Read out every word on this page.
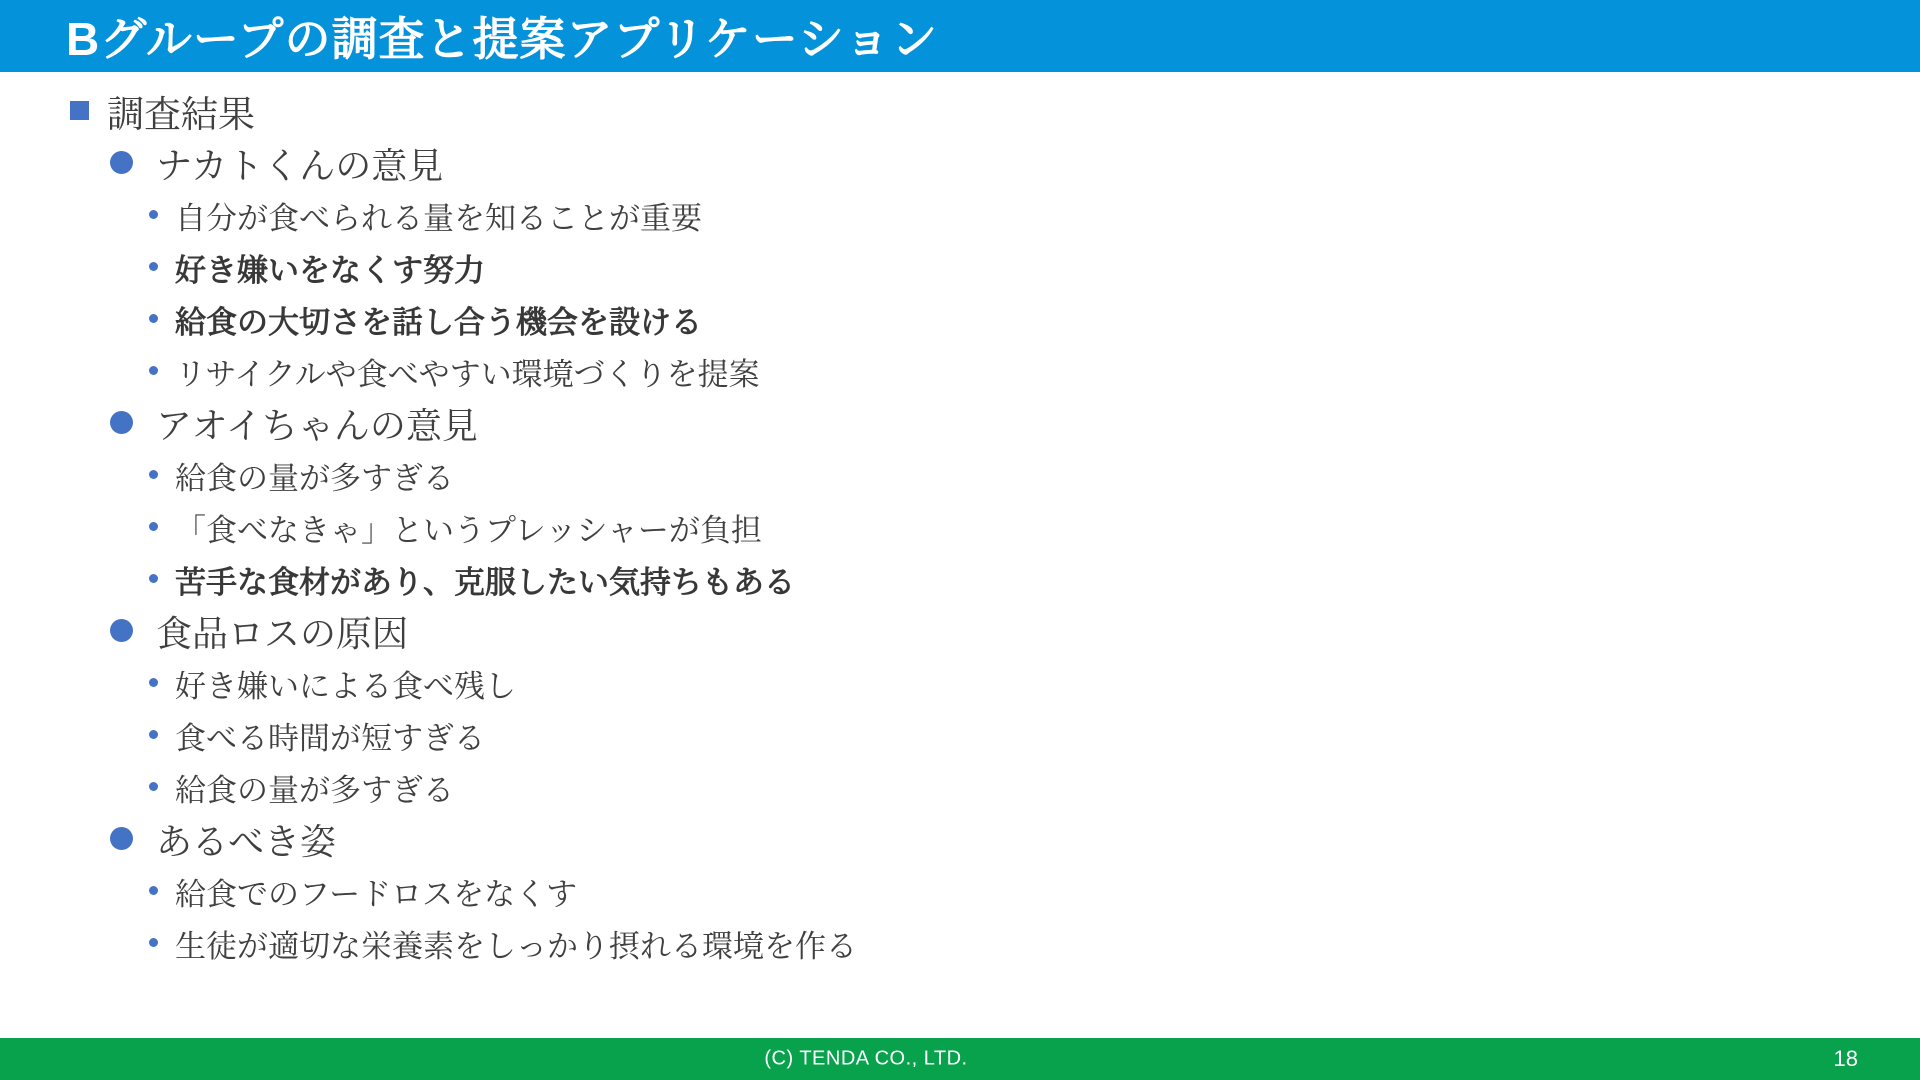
Bグループの調査と提案アプリケーション
調査結果
ナカトくんの意見
自分が食べられる量を知ることが重要
好き嫌いをなくす努力
給食の大切さを話し合う機会を設ける
リサイクルや食べやすい環境づくりを提案
アオイちゃんの意見
給食の量が多すぎる
「食べなきゃ」というプレッシャーが負担
苦手な食材があり、克服したい気持ちもある
食品ロスの原因
好き嫌いによる食べ残し
食べる時間が短すぎる
給食の量が多すぎる
あるべき姿
給食でのフードロスをなくす
生徒が適切な栄養素をしっかり摂れる環境を作る
(C) TENDA CO., LTD.	18
